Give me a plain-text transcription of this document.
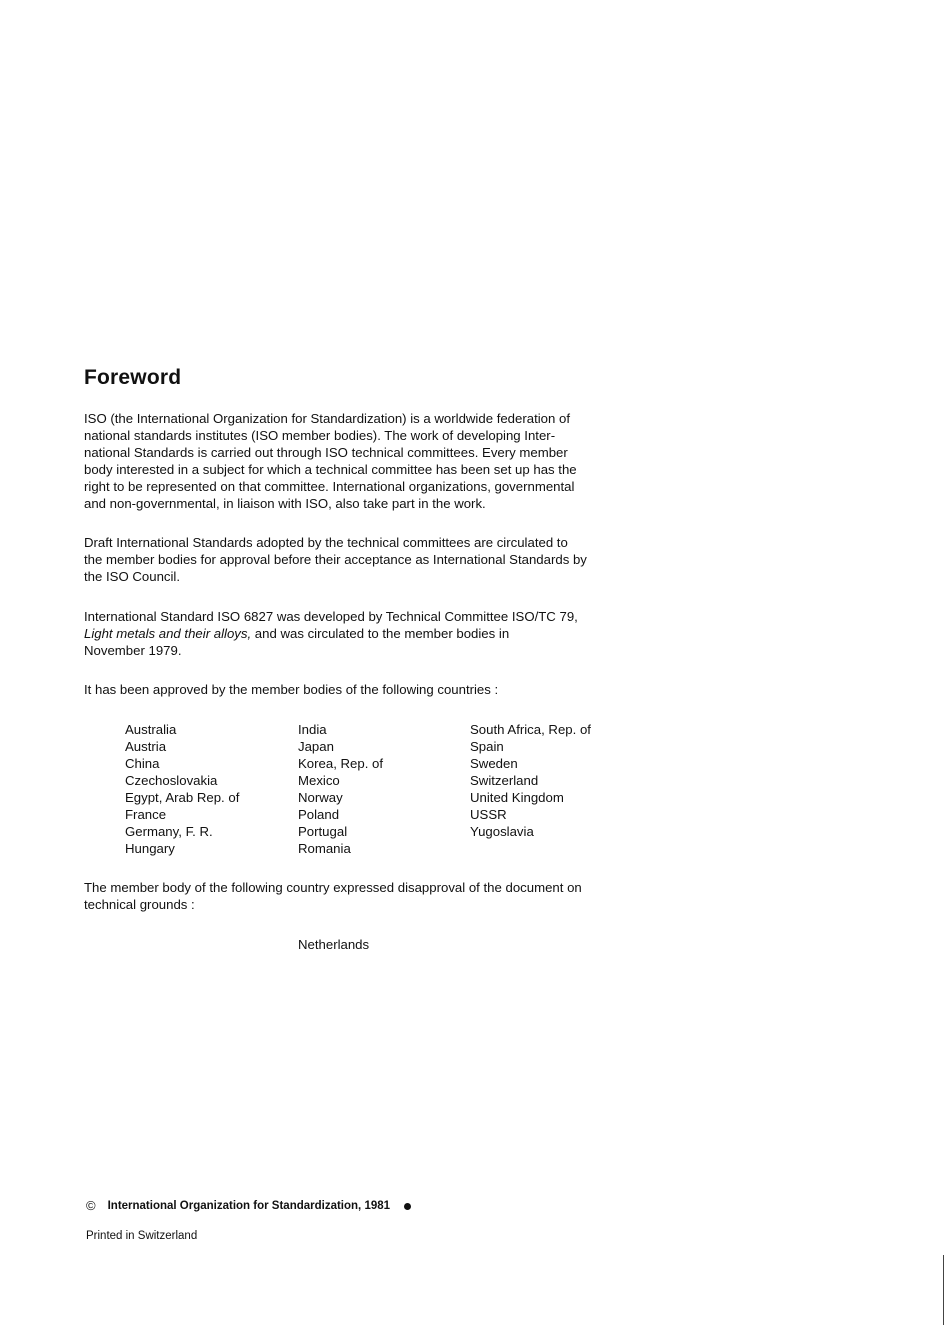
Foreword

ISO (the International Organization for Standardization) is a worldwide federation of
national standards institutes (ISO member bodies). The work of developing Inter-
national Standards is carried out through ISO technical committees. Every member
body interested in a subject for which a technical committee has been set up has the
right to be represented on that committee. International organizations, governmental
and non-governmental, in liaison with ISO, also take part in the work.

Draft International Standards adopted by the technical committees are circulated to
the member bodies for approval before their acceptance as International Standards by
the ISO Council.

International Standard ISO 6827 was developed by Technical Committee ISO/TC 79,
Light metals and their alloys, and was circulated to the member bodies in
November 1979.

It has been approved by the member bodies of the following countries :

Australia
Austria
China
Czechoslovakia
Egypt, Arab Rep. of
France
Germany, F. R.
Hungary
India
Japan
Korea, Rep. of
Mexico
Norway
Poland
Portugal
Romania
South Africa, Rep. of
Spain
Sweden
Switzerland
United Kingdom
USSR
Yugoslavia

The member body of the following country expressed disapproval of the document on
technical grounds :

Netherlands

© International Organization for Standardization, 1981

Printed in Switzerland
